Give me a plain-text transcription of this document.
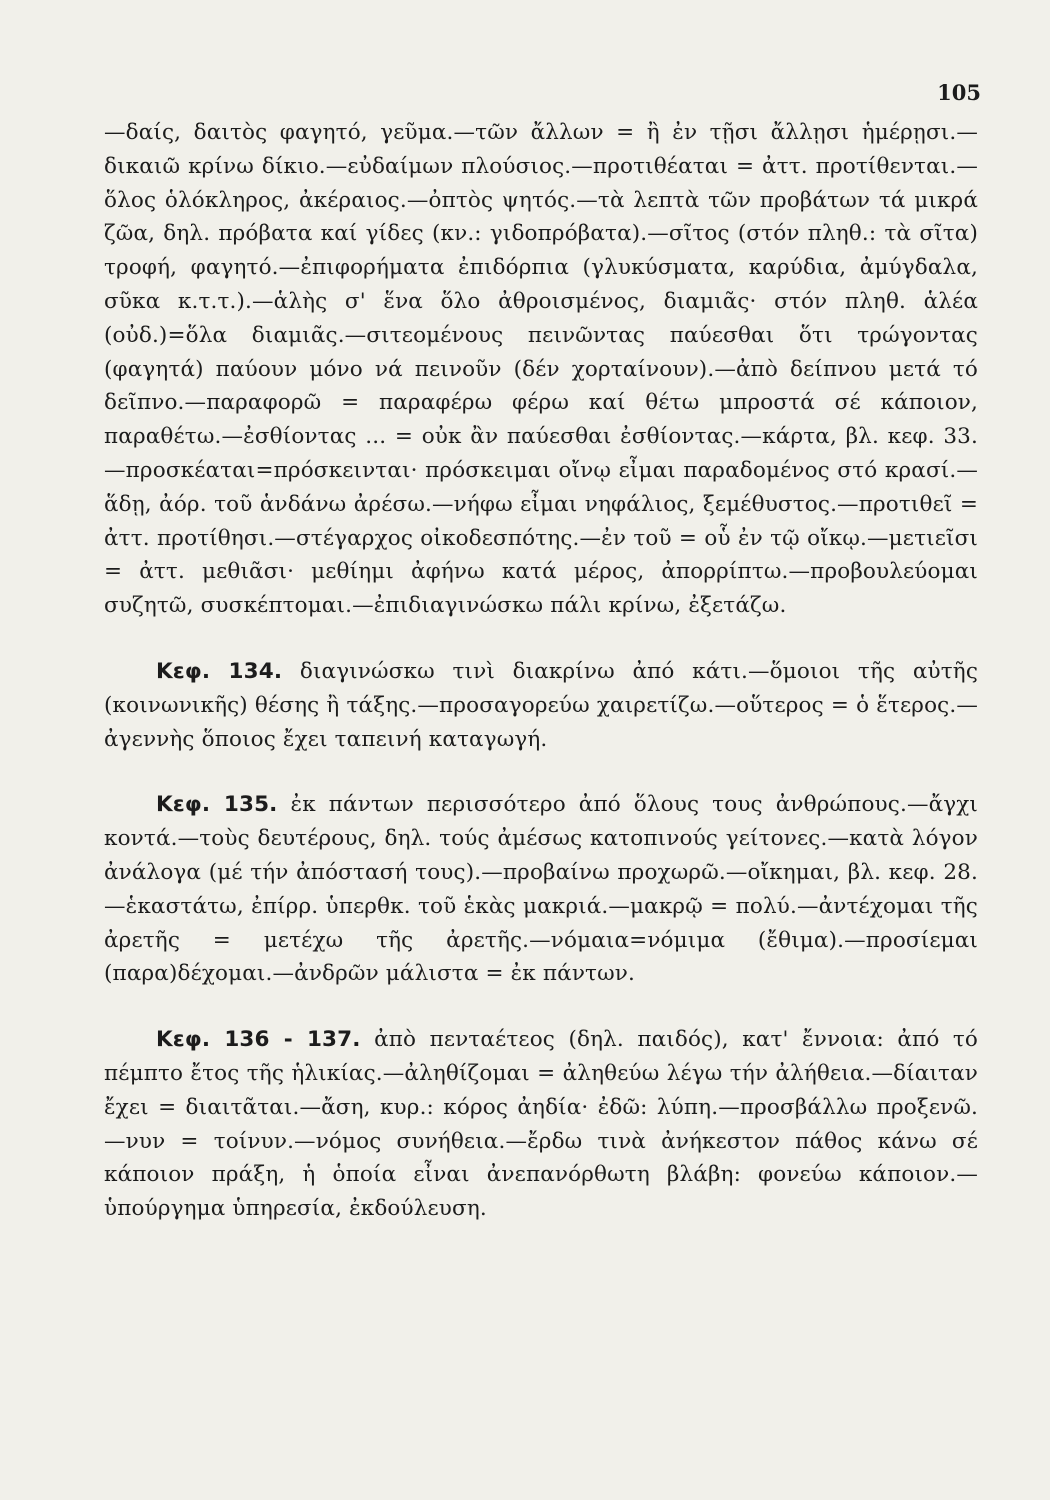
105

—δαίς, δαιτὸς φαγητό, γεῦμα.—τῶν ἄλλων = ἢ ἐν τῇσι ἄλλῃσι ἡμέρῃσι.—δικαιῶ κρίνω δίκιο.—εὐδαίμων πλούσιος.—προτιθέαται = ἀττ. προτίθενται.—ὅλος ὁλόκληρος, ἀκέραιος.—ὀπτὸς ψητός.—τὰ λεπτὰ τῶν προβάτων τά μικρά ζῶα, δηλ. πρόβατα καί γίδες (κν.: γιδοπρόβατα).—σῖτος (στόν πληθ.: τὰ σῖτα) τροφή, φαγητό.—ἐπιφορήματα ἐπιδόρπια (γλυκύσματα, καρύδια, ἀμύγδαλα, σῦκα κ.τ.τ.).—ἁλὴς σ' ἕνα ὅλο ἀθροισμένος, διαμιᾶς· στόν πληθ. ἁλέα (οὐδ.)=ὅλα διαμιᾶς.—σιτεομένους πεινῶντας παύεσθαι ὅτι τρώγοντας (φαγητά) παύουν μόνο νά πεινοῦν (δέν χορταίνουν).—ἀπὸ δείπνου μετά τό δεῖπνο.—παραφορῶ = παραφέρω φέρω καί θέτω μπροστά σέ κάποιον, παραθέτω.—ἐσθίοντας ... = οὐκ ἂν παύεσθαι ἐσθίοντας.—κάρτα, βλ. κεφ. 33.—προσκέαται=πρόσκεινται· πρόσκειμαι οἴνῳ εἶμαι παραδομένος στό κρασί.—ἅδῃ, ἀόρ. τοῦ ἁνδάνω ἀρέσω.—νήφω εἶμαι νηφάλιος, ξεμέθυστος.—προτιθεῖ = ἀττ. προτίθησι.—στέγαρχος οἰκοδεσπότης.—ἐν τοῦ = οὗ ἐν τῷ οἴκῳ.—μετιεῖσι = ἀττ. μεθιᾶσι· μεθίημι ἀφήνω κατά μέρος, ἀπορρίπτω.—προβουλεύομαι συζητῶ, συσκέπτομαι.—ἐπιδιαγινώσκω πάλι κρίνω, ἐξετάζω.

Κεφ. 134. διαγινώσκω τινὶ διακρίνω ἀπό κάτι.—ὅμοιοι τῆς αὐτῆς (κοινωνικῆς) θέσης ἢ τάξης.—προσαγορεύω χαιρετίζω.—οὕτερος = ὁ ἕτερος.—ἀγεννὴς ὅποιος ἔχει ταπεινή καταγωγή.

Κεφ. 135. ἐκ πάντων περισσότερο ἀπό ὅλους τους ἀνθρώπους.—ἄγχι κοντά.—τοὺς δευτέρους, δηλ. τούς ἀμέσως κατοπινούς γείτονες.—κατὰ λόγον ἀνάλογα (μέ τήν ἀπόστασή τους).—προβαίνω προχωρῶ.—οἴκημαι, βλ. κεφ. 28.—ἑκαστάτω, ἐπίρρ. ὑπερθκ. τοῦ ἑκὰς μακριά.—μακρῷ = πολύ.—ἀντέχομαι τῆς ἀρετῆς = μετέχω τῆς ἀρετῆς.—νόμαια=νόμιμα (ἔθιμα).—προσίεμαι (παρα)δέχομαι.—ἀνδρῶν μάλιστα = ἐκ πάντων.

Κεφ. 136 - 137. ἀπὸ πενταέτεος (δηλ. παιδός), κατ' ἔννοια: ἀπό τό πέμπτο ἔτος τῆς ἡλικίας.—ἀληθίζομαι = ἀληθεύω λέγω τήν ἀλήθεια.—δίαιταν ἔχει = διαιτᾶται.—ἄση, κυρ.: κόρος ἀηδία· ἐδῶ: λύπη.—προσβάλλω προξενῶ.—νυν = τοίνυν.—νόμος συνήθεια.—ἔρδω τινὰ ἀνήκεστον πάθος κάνω σέ κάποιον πράξη, ἡ ὁποία εἶναι ἀνεπανόρθωτη βλάβη: φονεύω κάποιον.—ὑπούργημα ὑπηρεσία, ἐκδούλευση.
